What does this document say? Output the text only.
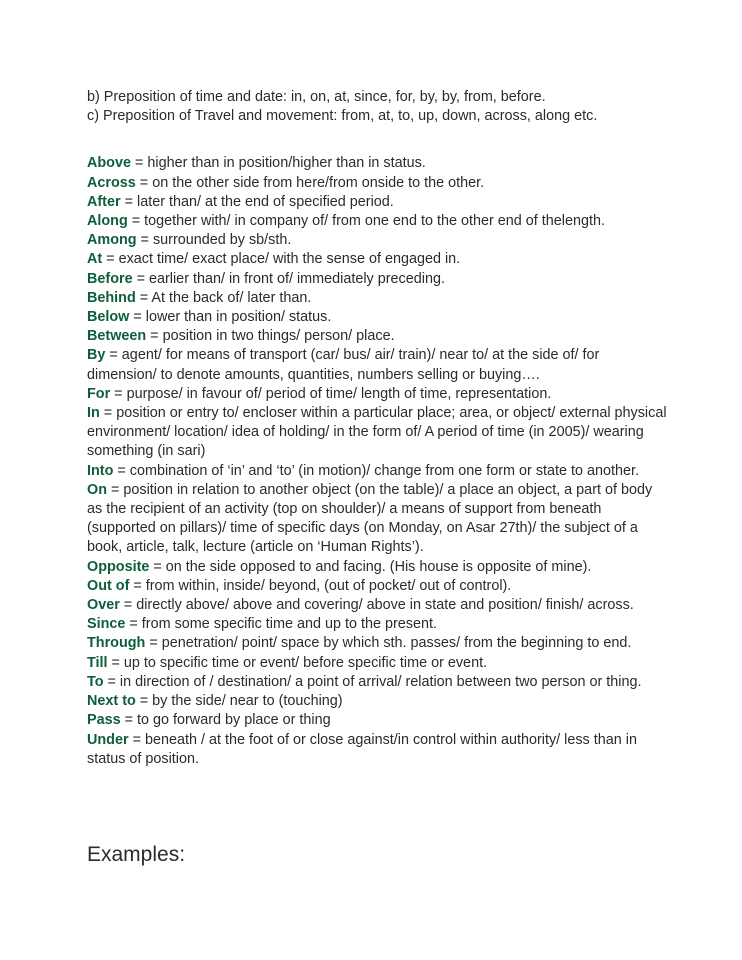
b) Preposition of time and date: in, on, at, since, for, by, by, from, before.

c) Preposition of Travel and movement: from, at, to, up, down, across, along etc.

Above = higher than in position/higher than in status.
Across = on the other side from here/from onside to the other.
After = later than/ at the end of specified period.
Along = together with/ in company of/ from one end to the other end of thelength.
Among = surrounded by sb/sth.
At = exact time/ exact place/ with the sense of engaged in.
Before = earlier than/ in front of/ immediately preceding.
Behind = At the back of/ later than.
Below = lower than in position/ status.
Between = position in two things/ person/ place.
By = agent/ for means of transport (car/ bus/ air/ train)/ near to/ at the side of/ for dimension/ to denote amounts, quantities, numbers selling or buying….
For = purpose/ in favour of/ period of time/ length of time, representation.
In = position or entry to/ encloser within a particular place; area, or object/ external physical environment/ location/ idea of holding/ in the form of/ A period of time (in 2005)/ wearing something (in sari)
Into = combination of ‘in’ and ‘to’ (in motion)/ change from one form or state to another.
On = position in relation to another object (on the table)/ a place an object, a part of body as the recipient of an activity (top on shoulder)/ a means of support from beneath (supported on pillars)/ time of specific days (on Monday, on Asar 27th)/ the subject of a book, article, talk, lecture (article on ‘Human Rights’).
Opposite = on the side opposed to and facing. (His house is opposite of mine).
Out of = from within, inside/ beyond, (out of pocket/ out of control).
Over = directly above/ above and covering/ above in state and position/ finish/ across.
Since = from some specific time and up to the present.
Through = penetration/ point/ space by which sth. passes/ from the beginning to end.
Till = up to specific time or event/ before specific time or event.
To = in direction of / destination/ a point of arrival/ relation between two person or thing.
Next to = by the side/ near to (touching)
Pass = to go forward by place or thing
Under = beneath / at the foot of or close against/in control within authority/ less than in status of position.
Examples:
